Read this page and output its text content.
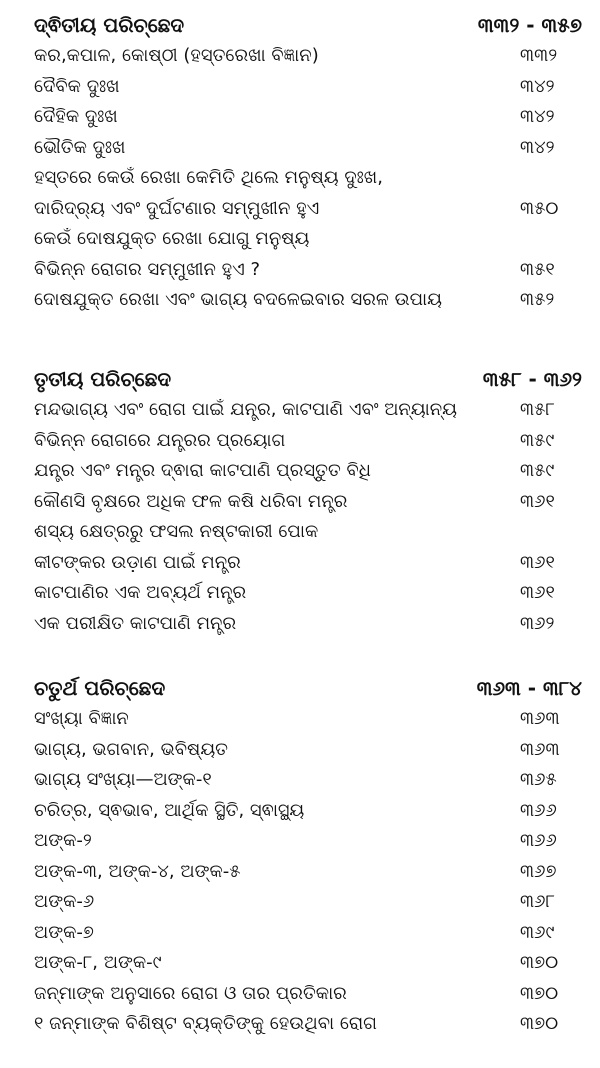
ଦ୍ଵିତୀୟ ପରିଚ୍ଛେଦ	୩୩୨ - ୩୫୭
କର,କପାଳ, କୋଷ୍ଠୀ (ହସ୍ତରେଖା ବିଜ୍ଞାନ)	୩୩୨
ଦୈବିକ ଦୁଃଖ	୩୪୨
ଦୈହିକ ଦୁଃଖ	୩୪୨
ଭୌତିକ ଦୁଃଖ	୩୪୨
ହସ୍ତରେ କେଉଁ ରେଖା କେମିତି ଥିଲେ ମନୁଷ୍ୟ ଦୁଃଖ,
ଦାରିଦ୍ର୍ୟ ଏବଂ ଦୁର୍ଘଟଣାର ସମ୍ମୁଖୀନ ହୁଏ	୩୫୦
କେଉଁ ଦୋଷଯୁକ୍ତ ରେଖା ଯୋଗୁ ମନୁଷ୍ୟ
ବିଭିନ୍ନ ରୋଗର ସମ୍ମୁଖୀନ ହୁଏ ?	୩୫୧
ଦୋଷଯୁକ୍ତ ରେଖା ଏବଂ ଭାଗ୍ୟ ବଦଳେଇବାର ସରଳ ଉପାୟ	୩୫୨
ତୃତୀୟ ପରିଚ୍ଛେଦ	୩୫୮ - ୩୬୨
ମନ୍ଦଭାଗ୍ୟ ଏବଂ ରୋଗ ପାଇଁ ଯନ୍ତ୍ର, କାଟପାଣି ଏବଂ ଅନ୍ୟାନ୍ୟ	୩୫୮
ବିଭିନ୍ନ ରୋଗରେ ଯନ୍ତ୍ରର ପ୍ରୟୋଗ	୩୫୯
ଯନ୍ତ୍ର ଏବଂ ମନ୍ତ୍ର ଦ୍ଵାରା କାଟପାଣି ପ୍ରସ୍ତୁତ ବିଧି	୩୫୯
କୌଣସି ବୃକ୍ଷରେ ଅଧିକ ଫଳ କଷି ଧରିବା ମନ୍ତ୍ର	୩୬୧
ଶସ୍ୟ କ୍ଷେତ୍ରରୁ ଫସଲ ନଷ୍ଟକାରୀ ପୋକ
କୀଟଙ୍କର ଉଡ଼ାଣ ପାଇଁ ମନ୍ତ୍ର	୩୬୧
କାଟପାଣିର ଏକ ଅବ୍ୟର୍ଥ ମନ୍ତ୍ର	୩୬୧
ଏକ ପରୀକ୍ଷିତ କାଟପାଣି ମନ୍ତ୍ର	୩୬୨
ଚତୁର୍ଥ ପରିଚ୍ଛେଦ	୩୬୩ - ୩୮୪
ସଂଖ୍ୟା ବିଜ୍ଞାନ	୩୬୩
ଭାଗ୍ୟ, ଭଗବାନ, ଭବିଷ୍ୟତ	୩୬୩
ଭାଗ୍ୟ ସଂଖ୍ୟା—ଅଙ୍କ-୧	୩୬୫
ଚରିତ୍ର, ସ୍ଵଭାବ, ଆର୍ଥିକ ସ୍ଥିତି, ସ୍ଵାସ୍ଥ୍ୟ	୩୬୬
ଅଙ୍କ-୨	୩୬୬
ଅଙ୍କ-୩, ଅଙ୍କ-୪, ଅଙ୍କ-୫	୩୬୭
ଅଙ୍କ-୬	୩୬୮
ଅଙ୍କ-୭	୩୬୯
ଅଙ୍କ-୮, ଅଙ୍କ-୯	୩୭୦
ଜନ୍ମାଙ୍କ ଅନୁସାରେ ରୋଗ ଓ ତାର ପ୍ରତିକାର	୩୭୦
୧ ଜନ୍ମାଙ୍କ ବିଶିଷ୍ଟ ବ୍ୟକ୍ତିଙ୍କୁ ହେଉଥିବା ରୋଗ	୩୭୦
